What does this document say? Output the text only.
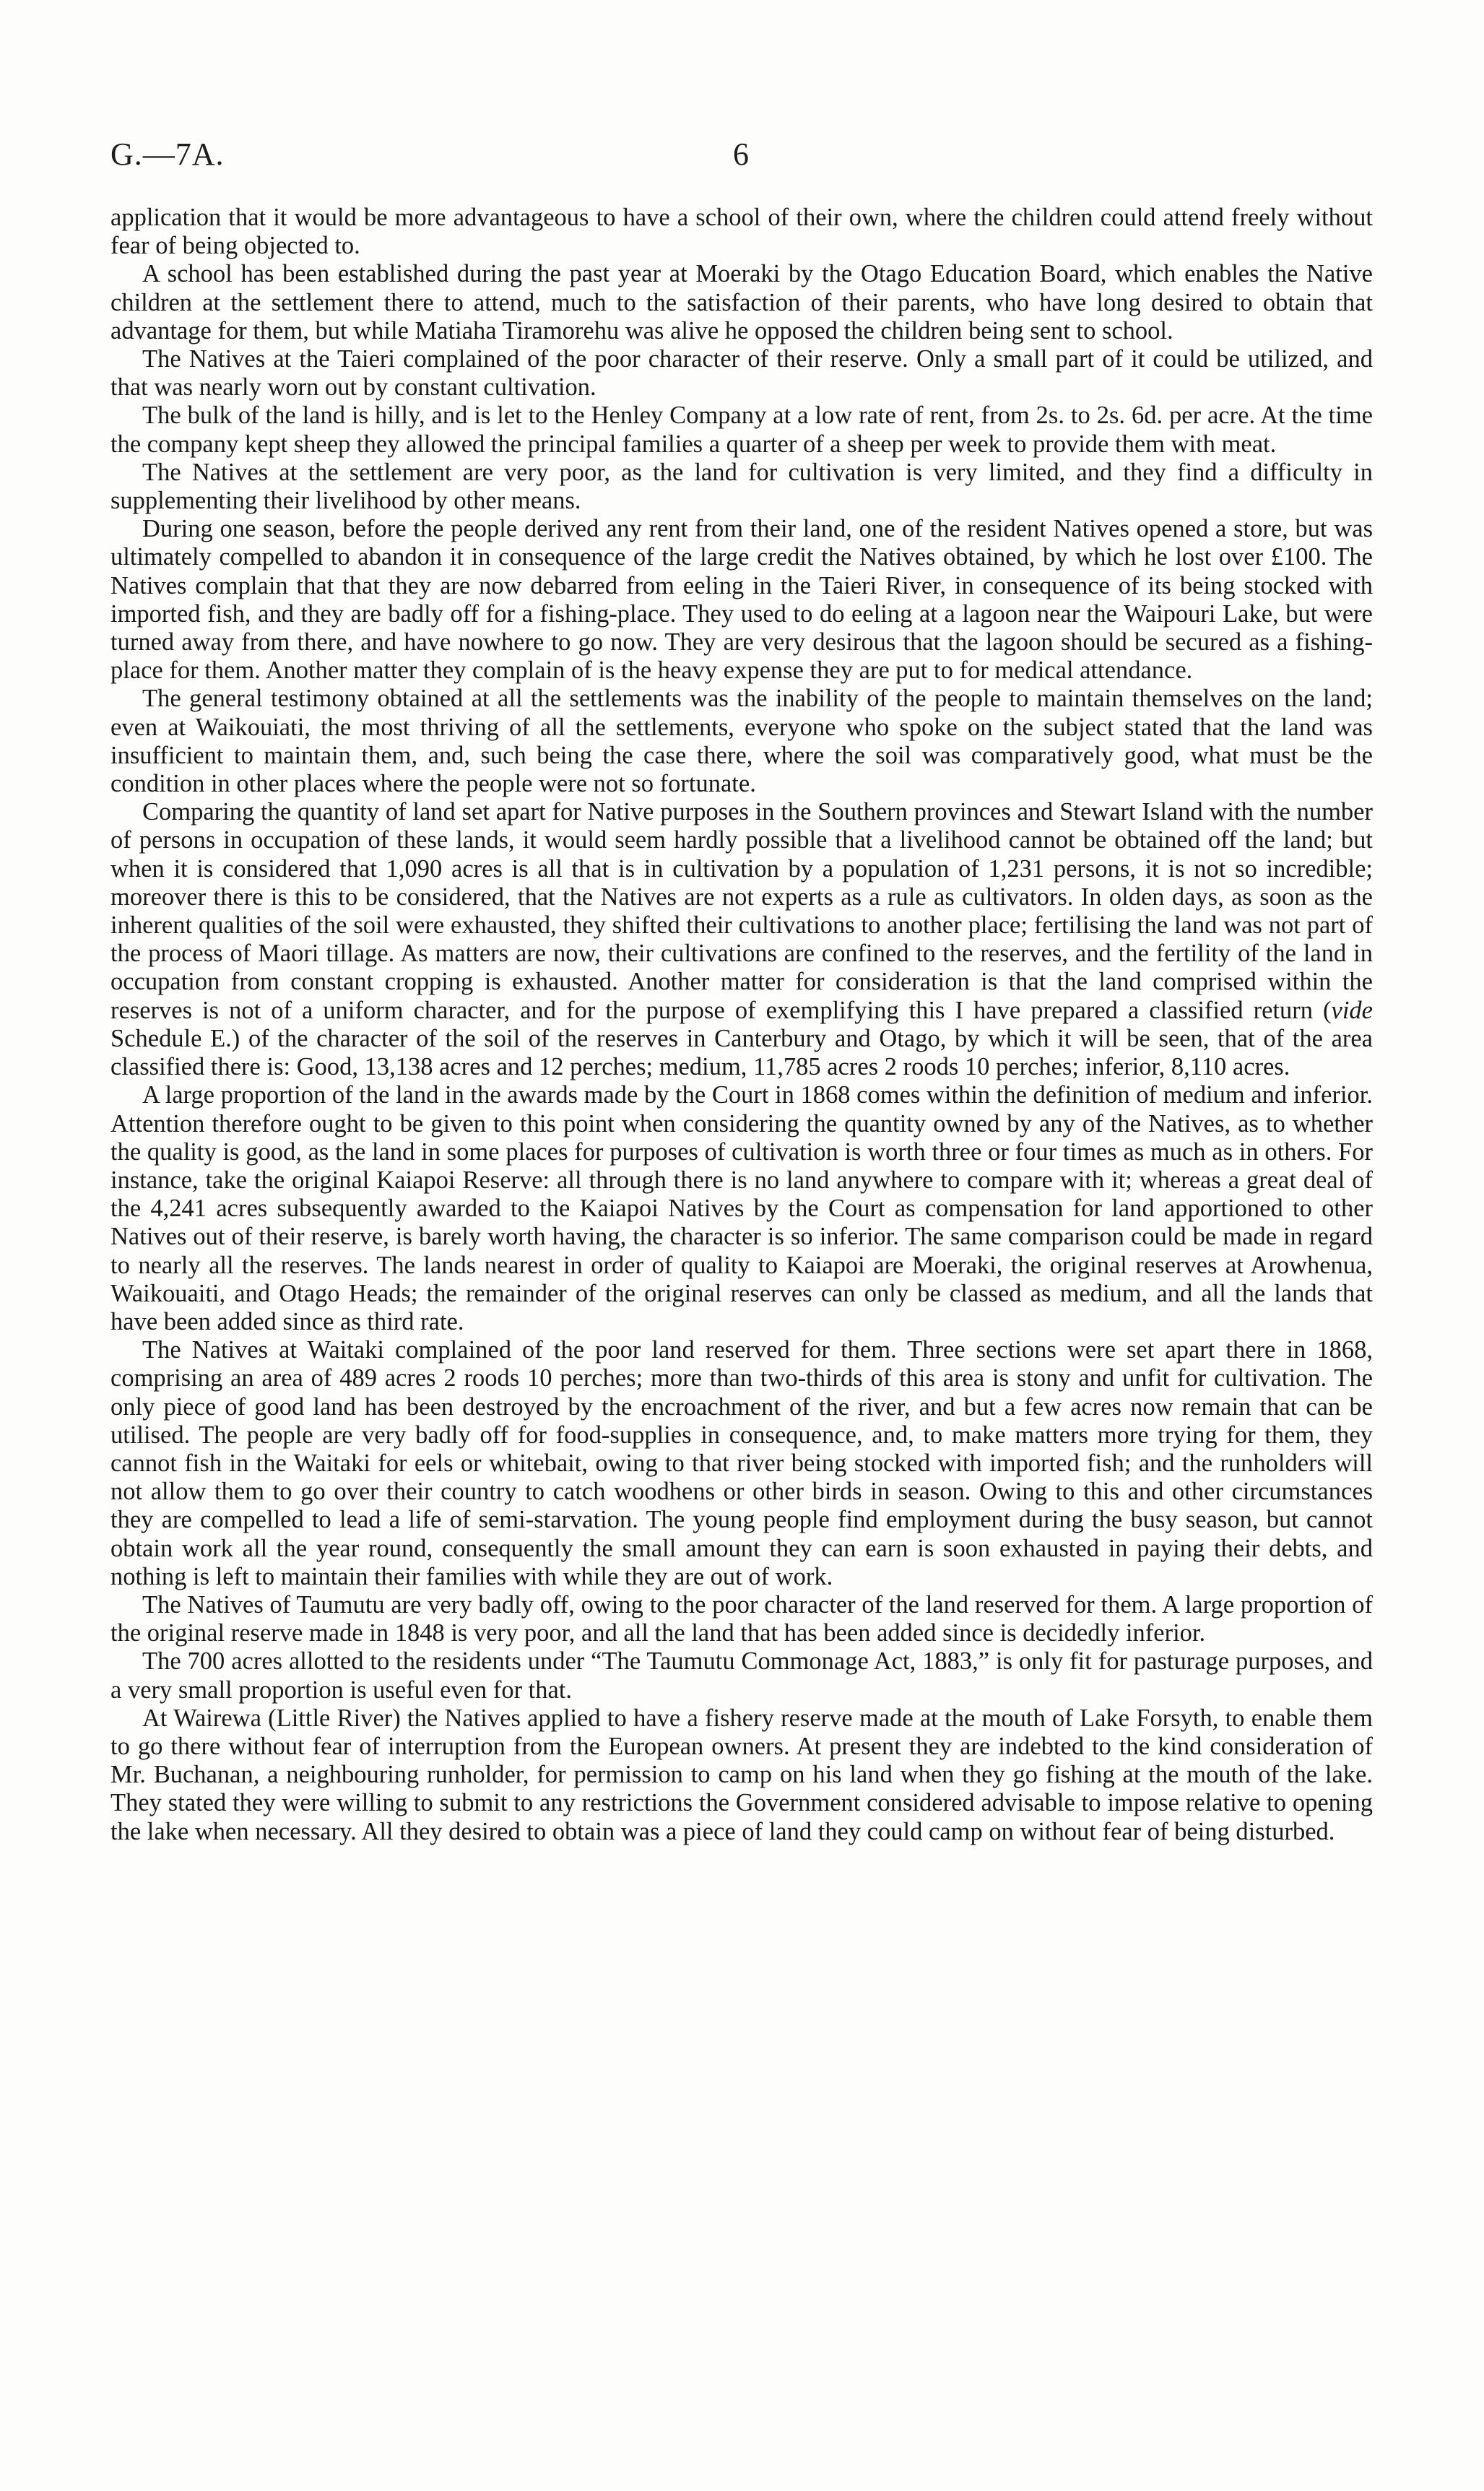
G.—7A.	6

application that it would be more advantageous to have a school of their own, where the children could attend freely without fear of being objected to.

A school has been established during the past year at Moeraki by the Otago Education Board, which enables the Native children at the settlement there to attend, much to the satisfaction of their parents, who have long desired to obtain that advantage for them, but while Matiaha Tiramorehu was alive he opposed the children being sent to school.

The Natives at the Taieri complained of the poor character of their reserve. Only a small part of it could be utilized, and that was nearly worn out by constant cultivation.

The bulk of the land is hilly, and is let to the Henley Company at a low rate of rent, from 2s. to 2s. 6d. per acre. At the time the company kept sheep they allowed the principal families a quarter of a sheep per week to provide them with meat.

The Natives at the settlement are very poor, as the land for cultivation is very limited, and they find a difficulty in supplementing their livelihood by other means.

During one season, before the people derived any rent from their land, one of the resident Natives opened a store, but was ultimately compelled to abandon it in consequence of the large credit the Natives obtained, by which he lost over £100. The Natives complain that that they are now debarred from eeling in the Taieri River, in consequence of its being stocked with imported fish, and they are badly off for a fishing-place. They used to do eeling at a lagoon near the Waipouri Lake, but were turned away from there, and have nowhere to go now. They are very desirous that the lagoon should be secured as a fishing-place for them. Another matter they complain of is the heavy expense they are put to for medical attendance.

The general testimony obtained at all the settlements was the inability of the people to maintain themselves on the land; even at Waikouiati, the most thriving of all the settlements, everyone who spoke on the subject stated that the land was insufficient to maintain them, and, such being the case there, where the soil was comparatively good, what must be the condition in other places where the people were not so fortunate.

Comparing the quantity of land set apart for Native purposes in the Southern provinces and Stewart Island with the number of persons in occupation of these lands, it would seem hardly possible that a livelihood cannot be obtained off the land; but when it is considered that 1,090 acres is all that is in cultivation by a population of 1,231 persons, it is not so incredible; moreover there is this to be considered, that the Natives are not experts as a rule as cultivators. In olden days, as soon as the inherent qualities of the soil were exhausted, they shifted their cultivations to another place; fertilising the land was not part of the process of Maori tillage. As matters are now, their cultivations are confined to the reserves, and the fertility of the land in occupation from constant cropping is exhausted. Another matter for consideration is that the land comprised within the reserves is not of a uniform character, and for the purpose of exemplifying this I have prepared a classified return (vide Schedule E.) of the character of the soil of the reserves in Canterbury and Otago, by which it will be seen, that of the area classified there is: Good, 13,138 acres and 12 perches; medium, 11,785 acres 2 roods 10 perches; inferior, 8,110 acres.

A large proportion of the land in the awards made by the Court in 1868 comes within the definition of medium and inferior. Attention therefore ought to be given to this point when considering the quantity owned by any of the Natives, as to whether the quality is good, as the land in some places for purposes of cultivation is worth three or four times as much as in others. For instance, take the original Kaiapoi Reserve: all through there is no land anywhere to compare with it; whereas a great deal of the 4,241 acres subsequently awarded to the Kaiapoi Natives by the Court as compensation for land apportioned to other Natives out of their reserve, is barely worth having, the character is so inferior. The same comparison could be made in regard to nearly all the reserves. The lands nearest in order of quality to Kaiapoi are Moeraki, the original reserves at Arowhenua, Waikouaiti, and Otago Heads; the remainder of the original reserves can only be classed as medium, and all the lands that have been added since as third rate.

The Natives at Waitaki complained of the poor land reserved for them. Three sections were set apart there in 1868, comprising an area of 489 acres 2 roods 10 perches; more than two-thirds of this area is stony and unfit for cultivation. The only piece of good land has been destroyed by the encroachment of the river, and but a few acres now remain that can be utilised. The people are very badly off for food-supplies in consequence, and, to make matters more trying for them, they cannot fish in the Waitaki for eels or whitebait, owing to that river being stocked with imported fish; and the runholders will not allow them to go over their country to catch woodhens or other birds in season. Owing to this and other circumstances they are compelled to lead a life of semi-starvation. The young people find employment during the busy season, but cannot obtain work all the year round, consequently the small amount they can earn is soon exhausted in paying their debts, and nothing is left to maintain their families with while they are out of work.

The Natives of Taumutu are very badly off, owing to the poor character of the land reserved for them. A large proportion of the original reserve made in 1848 is very poor, and all the land that has been added since is decidedly inferior.

The 700 acres allotted to the residents under “The Taumutu Commonage Act, 1883,” is only fit for pasturage purposes, and a very small proportion is useful even for that.

At Wairewa (Little River) the Natives applied to have a fishery reserve made at the mouth of Lake Forsyth, to enable them to go there without fear of interruption from the European owners. At present they are indebted to the kind consideration of Mr. Buchanan, a neighbouring runholder, for permission to camp on his land when they go fishing at the mouth of the lake. They stated they were willing to submit to any restrictions the Government considered advisable to impose relative to opening the lake when necessary. All they desired to obtain was a piece of land they could camp on without fear of being disturbed.
